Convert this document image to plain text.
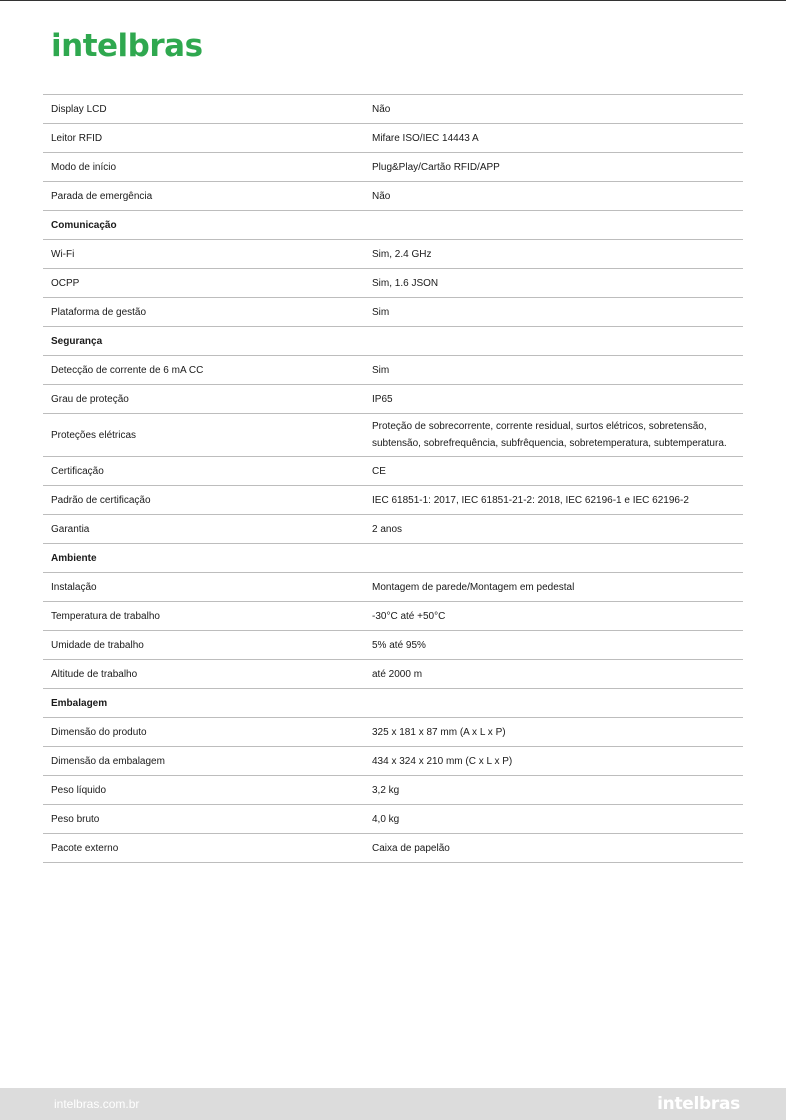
intelbras
Display LCD	Não
Leitor RFID	Mifare ISO/IEC 14443 A
Modo de início	Plug&Play/Cartão RFID/APP
Parada de emergência	Não
Comunicação	
Wi-Fi	Sim, 2.4 GHz
OCPP	Sim, 1.6 JSON
Plataforma de gestão	Sim
Segurança	
Detecção de corrente de 6 mA CC	Sim
Grau de proteção	IP65
Proteções elétricas	Proteção de sobrecorrente, corrente residual, surtos elétricos, sobretensão, subtensão, sobrefrequência, subfrêquencia, sobretemperatura, subtemperatura.
Certificação	CE
Padrão de certificação	IEC 61851-1: 2017, IEC 61851-21-2: 2018, IEC 62196-1 e IEC 62196-2
Garantia	2 anos
Ambiente	
Instalação	Montagem de parede/Montagem em pedestal
Temperatura de trabalho	-30°C até +50°C
Umidade de trabalho	5% até 95%
Altitude de trabalho	até 2000 m
Embalagem	
Dimensão do produto	325 x 181 x 87 mm (A x L x P)
Dimensão da embalagem	434 x 324 x 210 mm (C x L x P)
Peso líquido	3,2 kg
Peso bruto	4,0 kg
Pacote externo	Caixa de papelão
intelbras.com.br	intelbras
